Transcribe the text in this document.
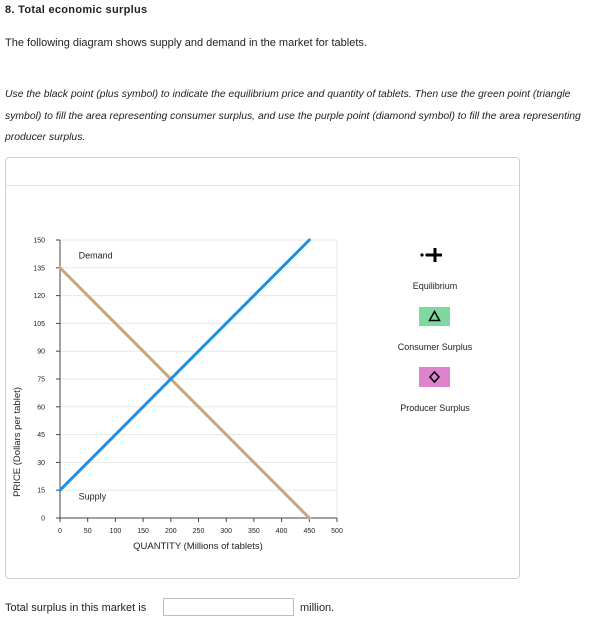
8. Total economic surplus
The following diagram shows supply and demand in the market for tablets.
Use the black point (plus symbol) to indicate the equilibrium price and quantity of tablets. Then use the green point (triangle symbol) to fill the area representing consumer surplus, and use the purple point (diamond symbol) to fill the area representing producer surplus.
0
15
30
45
60
75
90
105
120
135
150
0	50	100 150 200 250 300 350 400 450 500
Demand
Supply
PRICE (Dollars per tablet)
QUANTITY (Millions of tablets)
Equilibrium
Consumer Surplus
Producer Surplus
Total surplus in this market is	million.
